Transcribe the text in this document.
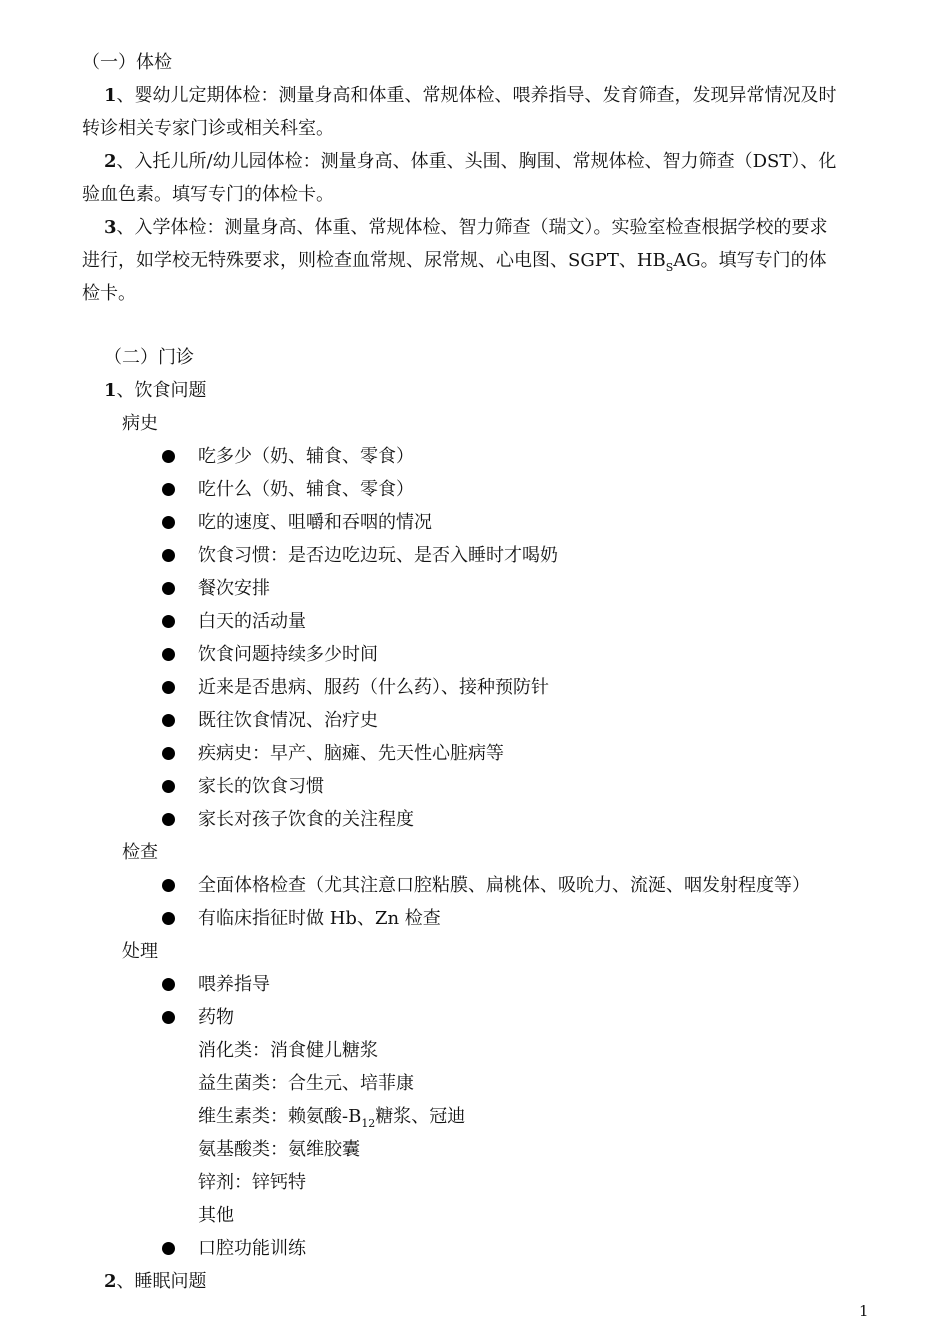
（一）体检
1、婴幼儿定期体检：测量身高和体重、常规体检、喂养指导、发育筛查，发现异常情况及时
转诊相关专家门诊或相关科室。
2、入托儿所/幼儿园体检：测量身高、体重、头围、胸围、常规体检、智力筛查（DST）、化
验血色素。填写专门的体检卡。
3、入学体检：测量身高、体重、常规体检、智力筛查（瑞文）。实验室检查根据学校的要求
进行，如学校无特殊要求，则检查血常规、尿常规、心电图、SGPT、$HB_SAG$。填写专门的体
检卡。
（二）门诊
1、饮食问题
病史
吃多少（奶、辅食、零食）
吃什么（奶、辅食、零食）
吃的速度、咀嚼和吞咽的情况
饮食习惯：是否边吃边玩、是否入睡时才喝奶
餐次安排
白天的活动量
饮食问题持续多少时间
近来是否患病、服药（什么药）、接种预防针
既往饮食情况、治疗史
疾病史：早产、脑瘫、先天性心脏病等
家长的饮食习惯
家长对孩子饮食的关注程度
检查
全面体格检查（尤其注意口腔粘膜、扁桃体、吸吮力、流涎、咽发射程度等）
有临床指征时做 Hb、Zn 检查
处理
喂养指导
药物
消化类：消食健儿糖浆
益生菌类：合生元、培菲康
维生素类：赖氨酸$-B_{12}$糖浆、冠迪
氨基酸类：氨维胶囊
锌剂：锌钙特
其他
口腔功能训练
2、睡眠问题
1
